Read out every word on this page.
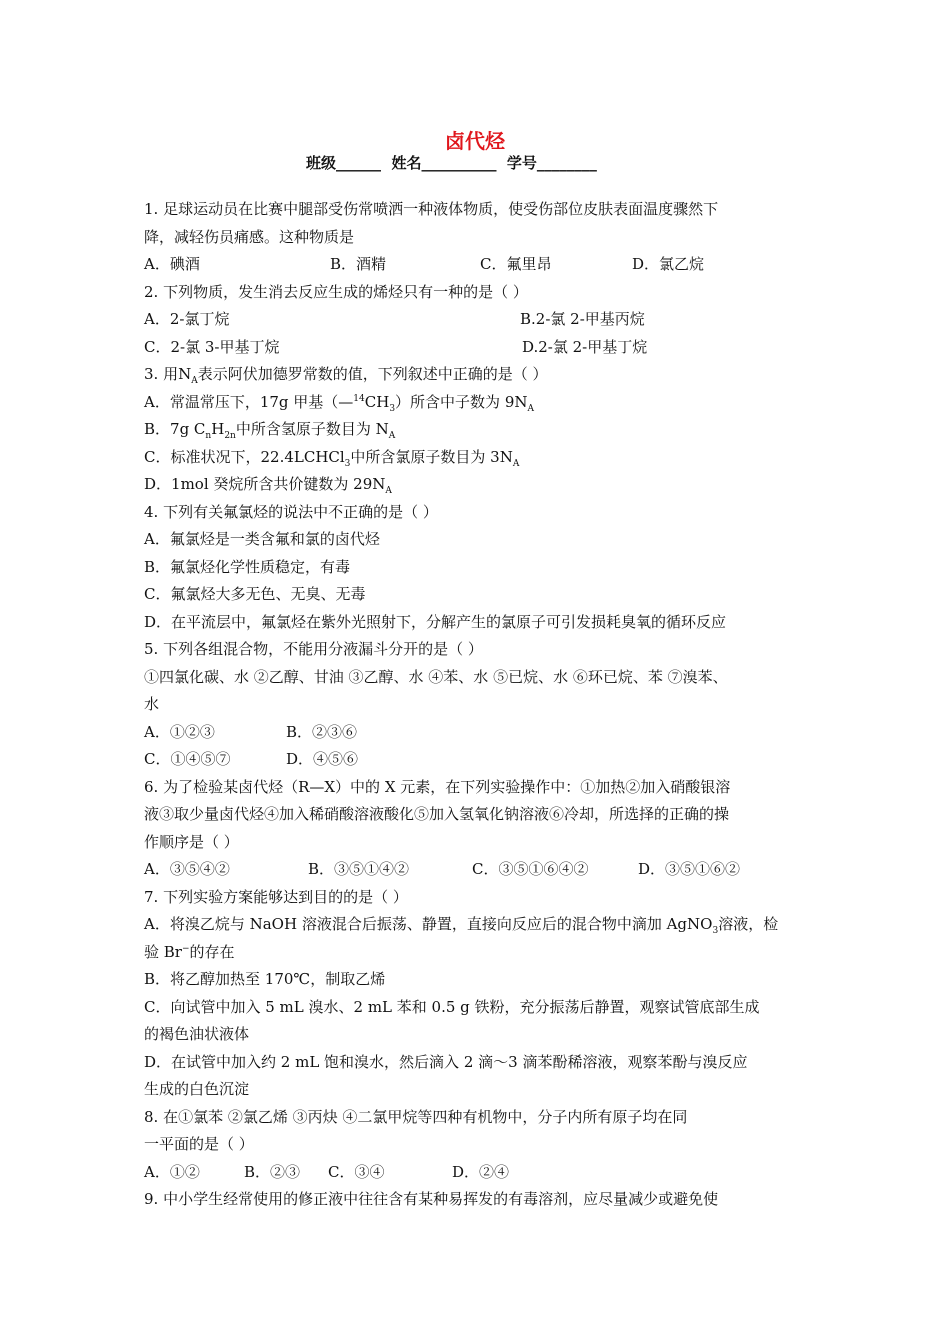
卤代烃
班级______  姓名__________  学号________
1. 足球运动员在比赛中腿部受伤常喷洒一种液体物质，使受伤部位皮肤表面温度骤然下
降，减轻伤员痛感。这种物质是
A．碘酒	B．酒精	C．氟里昂	D．氯乙烷
2. 下列物质，发生消去反应生成的烯烃只有一种的是（ ）
A．2-氯丁烷	B.2-氯 2-甲基丙烷
C．2-氯 3-甲基丁烷	D.2-氯 2-甲基丁烷
3. 用$N_A$表示阿伏加德罗常数的值，下列叙述中正确的是（ ）
A．常温常压下，17g 甲基$(—^{14}CH_3)$所含中子数为 $9N_A$
B．7g $C_nH_{2n}$中所含氢原子数目为 $N_A$
C．标准状况下，22.4LCHCl$_3$中所含氯原子数目为 $3N_A$
D．1mol 癸烷所含共价键数为 $29N_A$
4. 下列有关氟氯烃的说法中不正确的是（ ）
A．氟氯烃是一类含氟和氯的卤代烃
B．氟氯烃化学性质稳定，有毒
C．氟氯烃大多无色、无臭、无毒
D．在平流层中，氟氯烃在紫外光照射下，分解产生的氯原子可引发损耗臭氧的循环反应
5. 下列各组混合物，不能用分液漏斗分开的是（ ）
①四氯化碳、水 ②乙醇、甘油 ③乙醇、水 ④苯、水 ⑤已烷、水 ⑥环已烷、苯 ⑦溴苯、
水
A．①②③	B．②③⑥
C．①④⑤⑦	D．④⑤⑥
6. 为了检验某卤代烃（R—X）中的 X 元素，在下列实验操作中：①加热②加入硝酸银溶
液③取少量卤代烃④加入稀硝酸溶液酸化⑤加入氢氧化钠溶液⑥冷却，所选择的正确的操
作顺序是（ ）
A．③⑤④②	B．③⑤①④②	C．③⑤①⑥④②	D．③⑤①⑥②
7. 下列实验方案能够达到目的的是（ ）
A．将溴乙烷与 NaOH 溶液混合后振荡、静置，直接向反应后的混合物中滴加 AgNO$_3$溶液，检
验 Br−的存在
B．将乙醇加热至 170℃，制取乙烯
C．向试管中加入 5 mL 溴水、2 mL 苯和 0.5 g 铁粉，充分振荡后静置，观察试管底部生成
的褐色油状液体
D．在试管中加入约 2 mL 饱和溴水，然后滴入 2 滴～3 滴苯酚稀溶液，观察苯酚与溴反应
生成的白色沉淀
8. 在①氯苯 ②氯乙烯 ③丙炔 ④二氯甲烷等四种有机物中，分子内所有原子均在同
一平面的是（ ）
A．①②	B．②③	C．③④	D．②④
9. 中小学生经常使用的修正液中往往含有某种易挥发的有毒溶剂，应尽量减少或避免使
